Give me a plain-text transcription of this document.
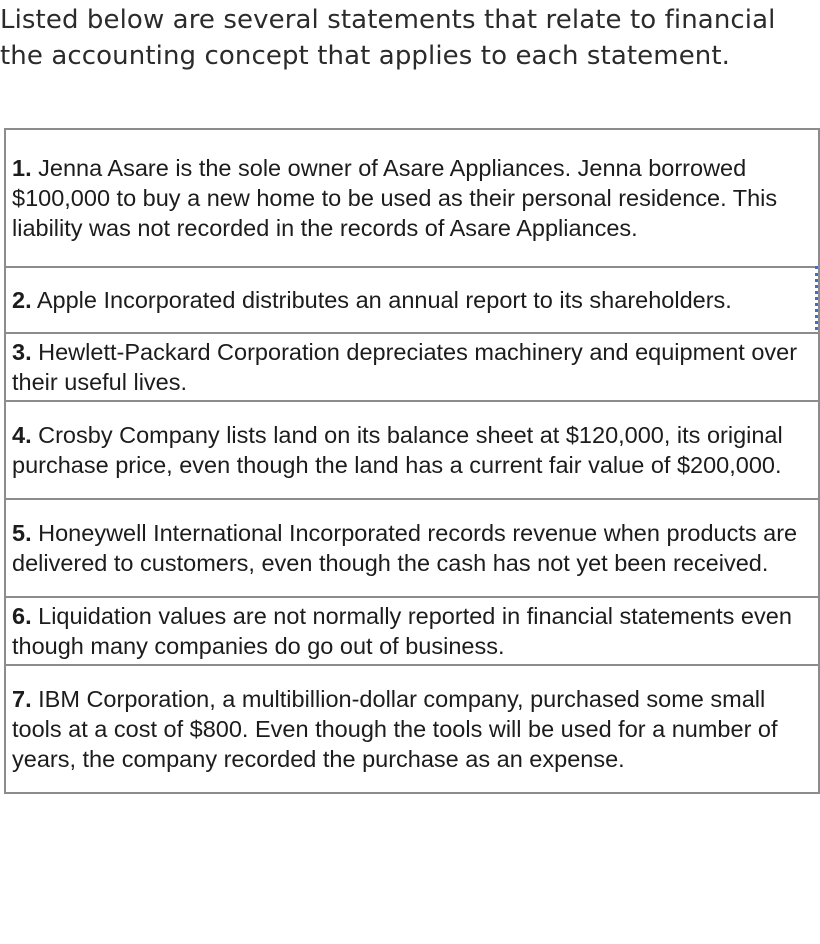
Listed below are several statements that relate to financial
the accounting concept that applies to each statement.
1. Jenna Asare is the sole owner of Asare Appliances. Jenna borrowed $100,000 to buy a new home to be used as their personal residence. This liability was not recorded in the records of Asare Appliances.
2. Apple Incorporated distributes an annual report to its shareholders.
3. Hewlett-Packard Corporation depreciates machinery and equipment over their useful lives.
4. Crosby Company lists land on its balance sheet at $120,000, its original purchase price, even though the land has a current fair value of $200,000.
5. Honeywell International Incorporated records revenue when products are delivered to customers, even though the cash has not yet been received.
6. Liquidation values are not normally reported in financial statements even though many companies do go out of business.
7. IBM Corporation, a multibillion-dollar company, purchased some small tools at a cost of $800. Even though the tools will be used for a number of years, the company recorded the purchase as an expense.
